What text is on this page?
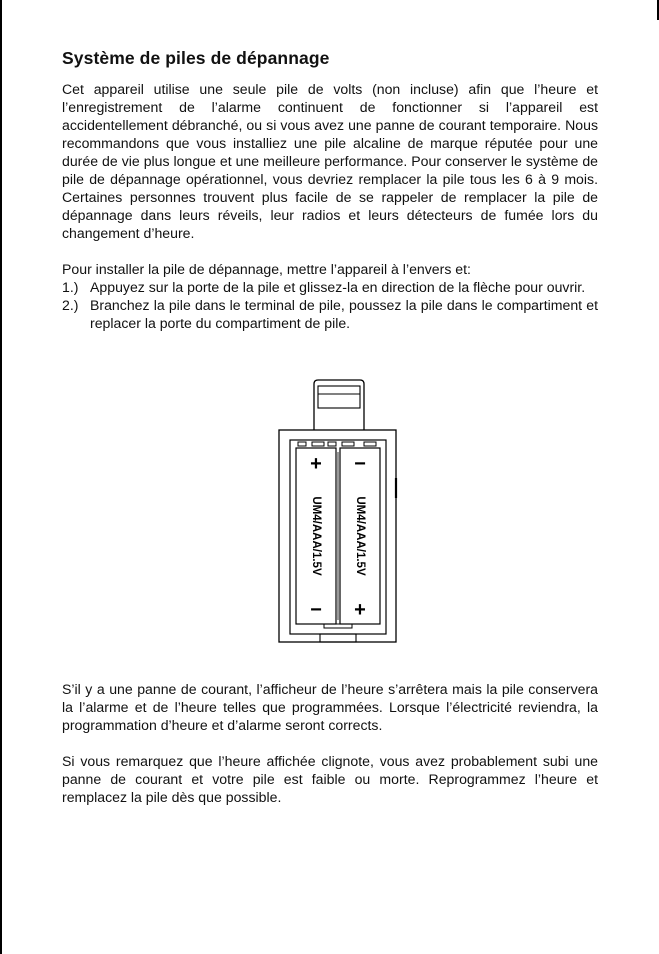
Système de piles de dépannage

Cet appareil utilise une seule pile de volts (non incluse) afin que l’heure et l’enregistrement de l’alarme continuent de fonctionner si l’appareil est accidentellement débranché, ou si vous avez une panne de courant temporaire. Nous recommandons que vous installiez une pile alcaline de marque réputée pour une durée de vie plus longue et une meilleure performance. Pour conserver le système de pile de dépannage opérationnel, vous devriez remplacer la pile tous les 6 à 9 mois. Certaines personnes trouvent plus facile de se rappeler de remplacer la pile de dépannage dans leurs réveils, leur radios et leurs détecteurs de fumée lors du changement d’heure.

Pour installer la pile de dépannage, mettre l’appareil à l’envers et:

1.) Appuyez sur la porte de la pile et glissez-la en direction de la flèche pour ouvrir.
2.) Branchez la pile dans le terminal de pile, poussez la pile dans le compartiment et replacer la porte du compartiment de pile.
+
−
−
+
UM4/AAA/1.5V	UM4/AAA/1.5V

S’il y a une panne de courant, l’afficheur de l’heure s’arrêtera mais la pile conservera la l’alarme et de l’heure telles que programmées. Lorsque l’électricité reviendra, la programmation d’heure et d’alarme seront corrects.

Si vous remarquez que l’heure affichée clignote, vous avez probablement subi une panne de courant et votre pile est faible ou morte. Reprogrammez l’heure et remplacez la pile dès que possible.
